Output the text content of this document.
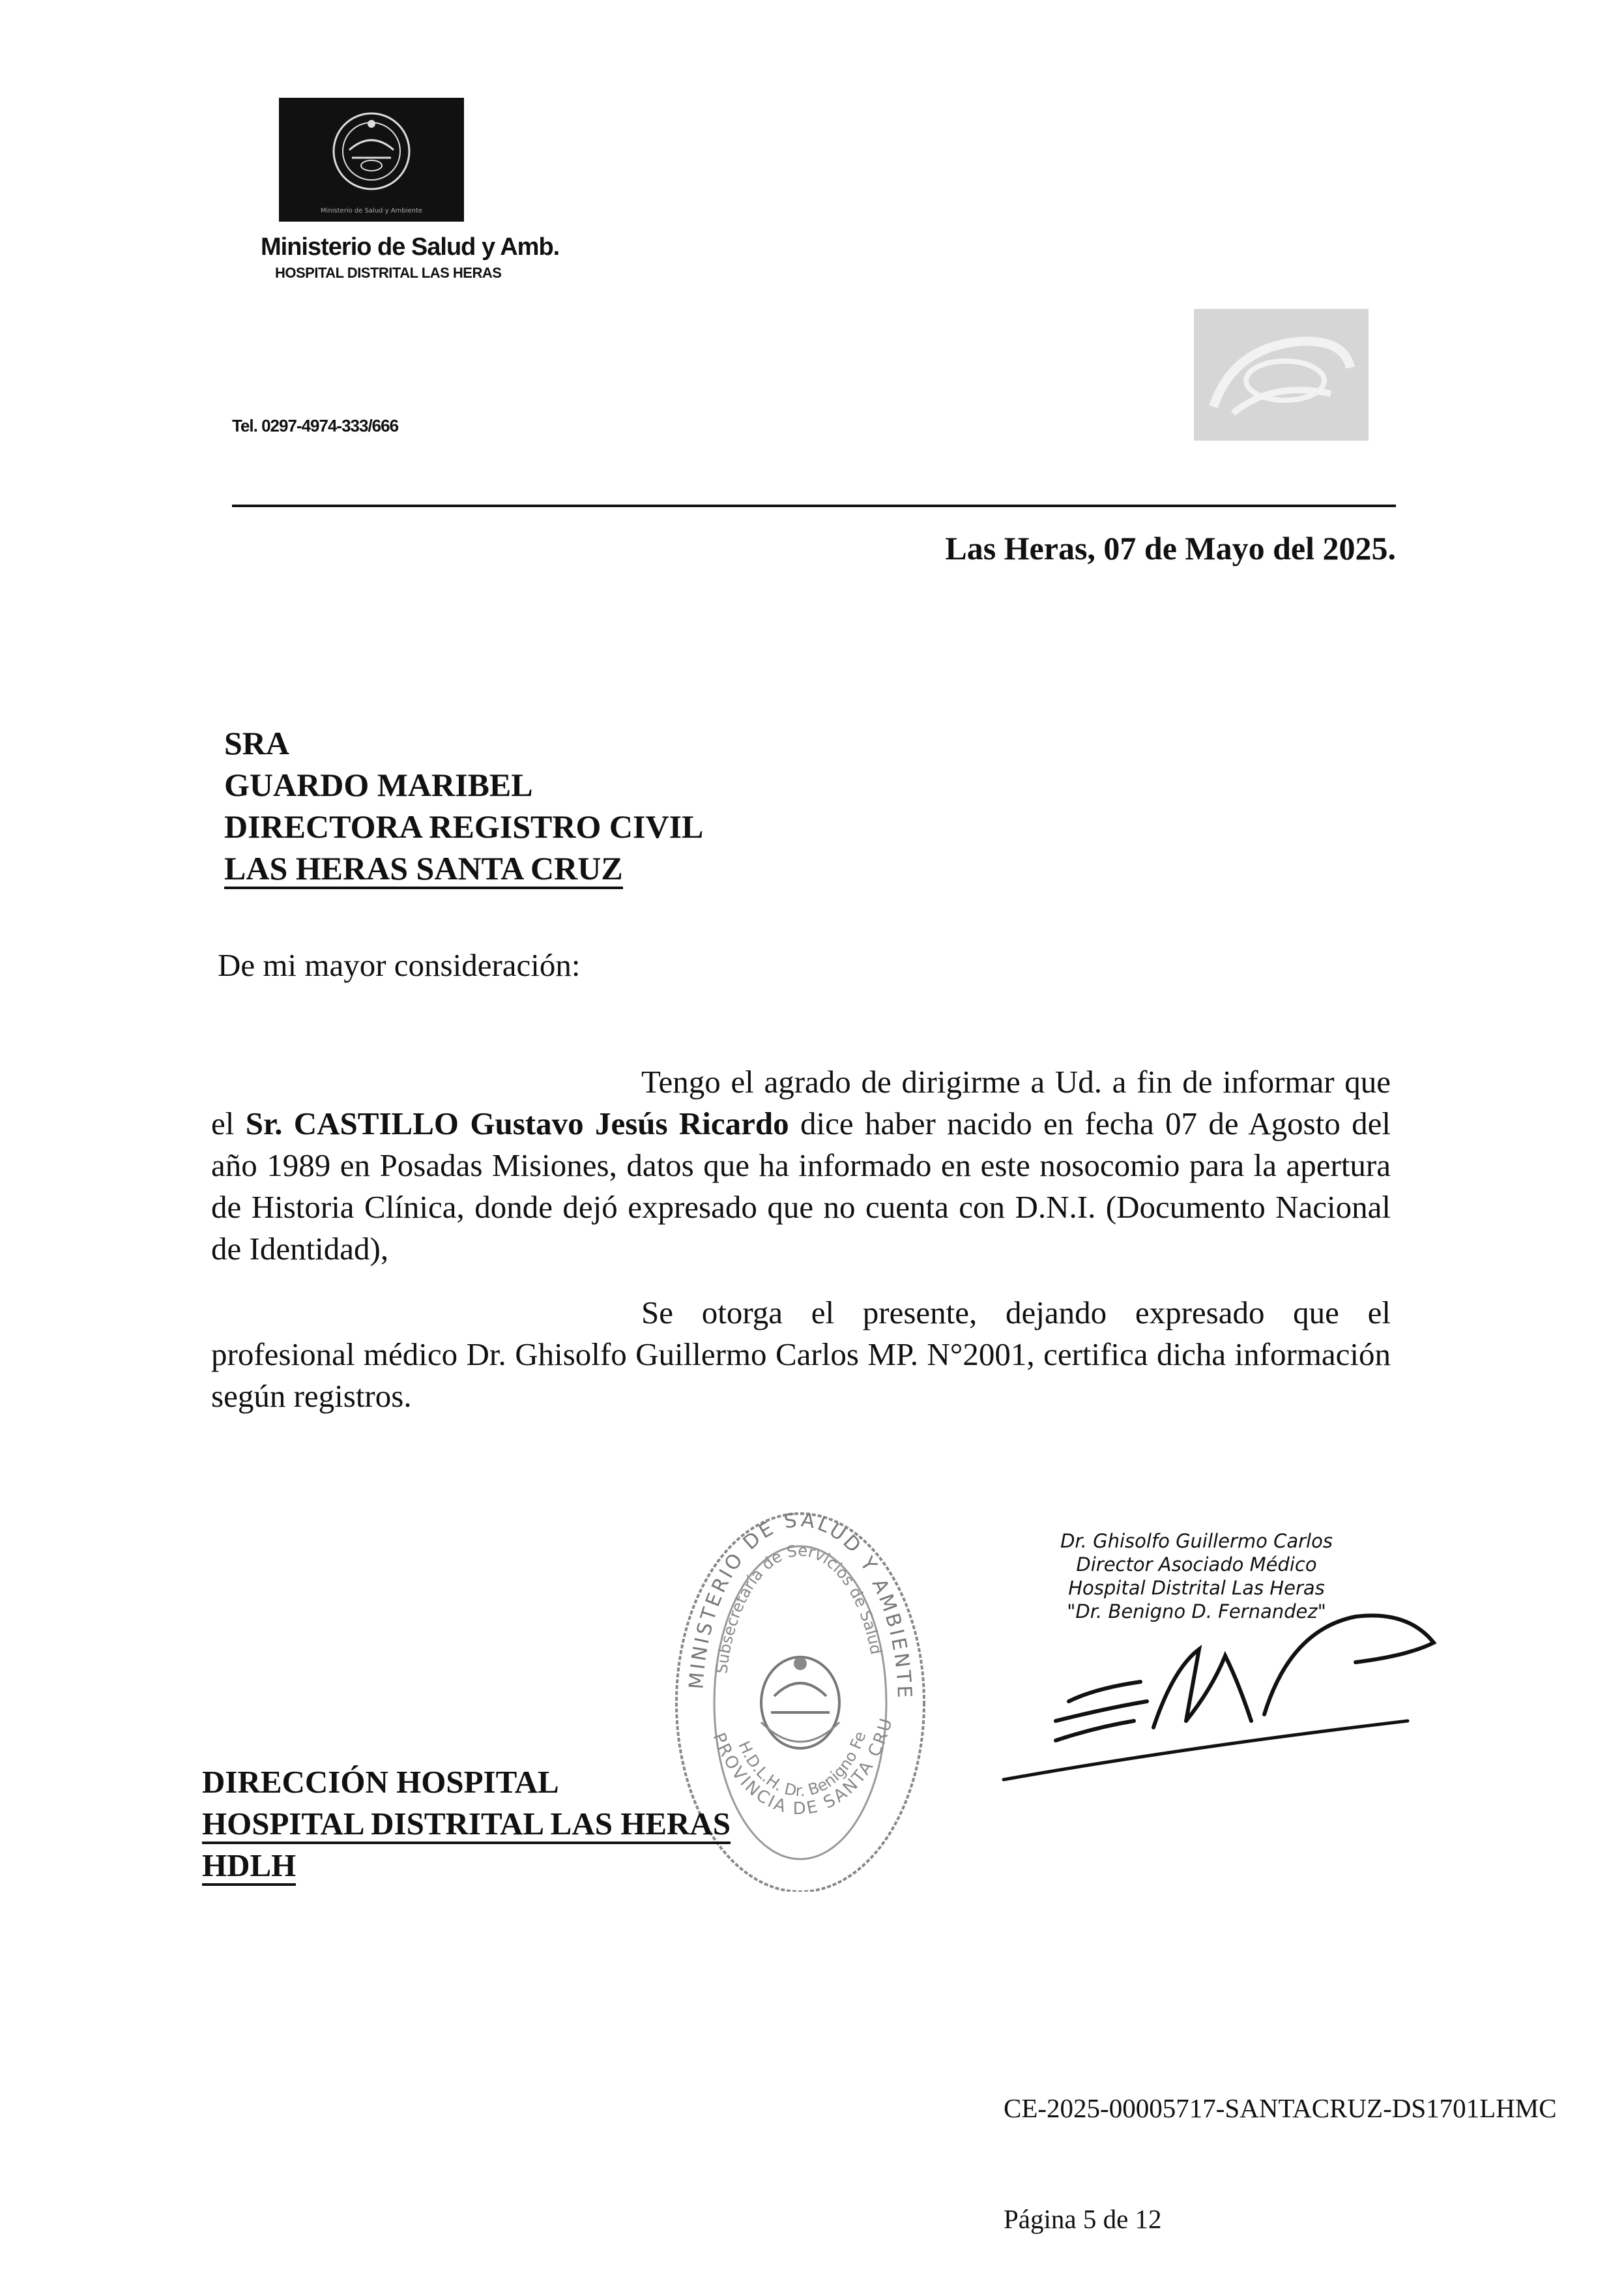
Ministerio de Salud y Ambiente
Ministerio de Salud y Amb.
HOSPITAL DISTRITAL LAS HERAS
Tel. 0297-4974-333/666
Las Heras, 07 de Mayo del 2025.
SRA
GUARDO MARIBEL
DIRECTORA REGISTRO CIVIL
LAS HERAS SANTA CRUZ
De mi mayor consideración:
Tengo el agrado de dirigirme a Ud. a fin de informar que el Sr. CASTILLO Gustavo Jesús Ricardo dice haber nacido en fecha 07 de Agosto del año 1989 en Posadas Misiones, datos que ha informado en este nosocomio para la apertura de Historia Clínica, donde dejó expresado que no cuenta con D.N.I. (Documento Nacional de Identidad),
Se otorga el presente, dejando expresado que el profesional médico Dr. Ghisolfo Guillermo Carlos MP. N°2001, certifica dicha información según registros.
MINISTERIO DE SALUD Y AMBIENTE
Subsecretaría de Servicios de Salud
H.D.L.H. Dr. Benigno Fe
PROVINCIA DE SANTA CRU
Dr. Ghisolfo Guillermo Carlos
Director Asociado Médico
Hospital Distrital Las Heras
"Dr. Benigno D. Fernandez"
DIRECCIÓN HOSPITAL
HOSPITAL DISTRITAL LAS HERAS
HDLH
CE-2025-00005717-SANTACRUZ-DS1701LHMC
Página 5 de 12
